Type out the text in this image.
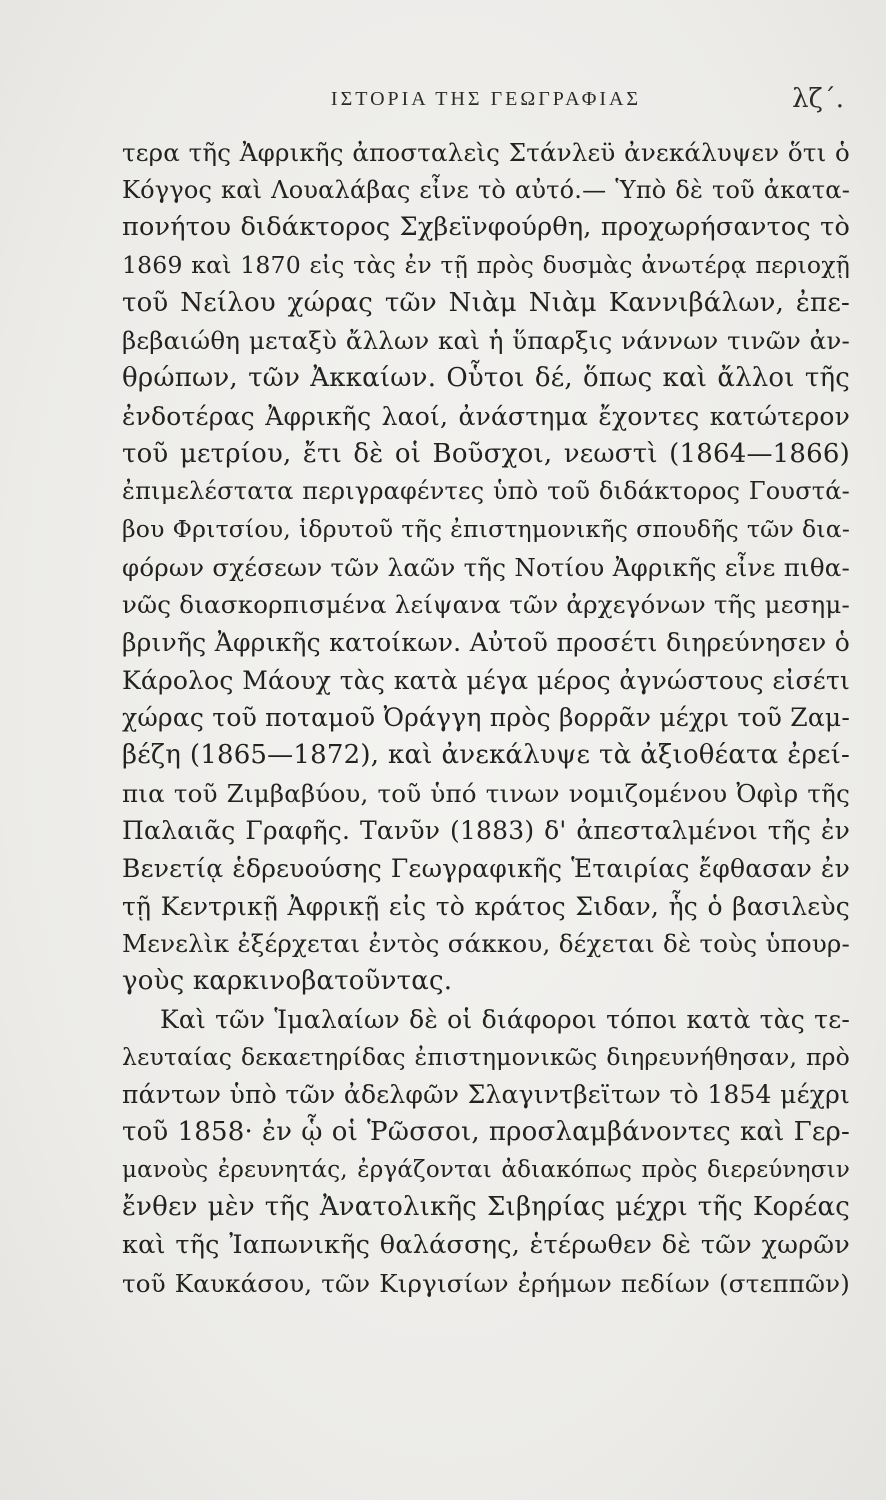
ΙΣΤΟΡΙΑ ΤΗΣ ΓΕΩΓΡΑΦΙΑΣ	λζ΄.
τερα τῆς Ἀφρικῆς ἀποσταλεὶς Στάνλεϋ ἀνεκάλυψεν ὅτι ὁ
Κόγγος καὶ Λουαλάβας εἶνε τὸ αὐτό.— Ὑπὸ δὲ τοῦ ἀκατα-
πονήτου διδάκτορος Σχβεϊνφούρθη, προχωρήσαντος τὸ
1869 καὶ 1870 εἰς τὰς ἐν τῇ πρὸς δυσμὰς ἀνωτέρᾳ περιοχῇ
τοῦ Νείλου χώρας τῶν Νιὰμ Νιὰμ Καννιβάλων, ἐπε-
βεβαιώθη μεταξὺ ἄλλων καὶ ἡ ὕπαρξις νάννων τινῶν ἀν-
θρώπων, τῶν Ἀκκαίων. Οὗτοι δέ, ὅπως καὶ ἄλλοι τῆς
ἐνδοτέρας Ἀφρικῆς λαοί, ἀνάστημα ἔχοντες κατώτερον
τοῦ μετρίου, ἔτι δὲ οἱ Βοῦσχοι, νεωστὶ (1864—1866)
ἐπιμελέστατα περιγραφέντες ὑπὸ τοῦ διδάκτορος Γουστά-
βου Φριτσίου, ἱδρυτοῦ τῆς ἐπιστημονικῆς σπουδῆς τῶν δια-
φόρων σχέσεων τῶν λαῶν τῆς Νοτίου Ἀφρικῆς εἶνε πιθα-
νῶς διασκορπισμένα λείψανα τῶν ἀρχεγόνων τῆς μεσημ-
βρινῆς Ἀφρικῆς κατοίκων. Αὐτοῦ προσέτι διηρεύνησεν ὁ
Κάρολος Μάουχ τὰς κατὰ μέγα μέρος ἀγνώστους εἰσέτι
χώρας τοῦ ποταμοῦ Ὀράγγη πρὸς βορρᾶν μέχρι τοῦ Ζαμ-
βέζη (1865—1872), καὶ ἀνεκάλυψε τὰ ἀξιοθέατα ἐρεί-
πια τοῦ Ζιμβαβύου, τοῦ ὑπό τινων νομιζομένου Ὀφὶρ τῆς
Παλαιᾶς Γραφῆς. Τανῦν (1883) δ' ἀπεσταλμένοι τῆς ἐν
Βενετίᾳ ἑδρευούσης Γεωγραφικῆς Ἑταιρίας ἔφθασαν ἐν
τῇ Κεντρικῇ Ἀφρικῇ εἰς τὸ κράτος Σιδαν, ἧς ὁ βασιλεὺς
Μενελὶκ ἐξέρχεται ἐντὸς σάκκου, δέχεται δὲ τοὺς ὑπουρ-
γοὺς καρκινοβατοῦντας.
Καὶ τῶν Ἱμαλαίων δὲ οἱ διάφοροι τόποι κατὰ τὰς τε-
λευταίας δεκαετηρίδας ἐπιστημονικῶς διηρευνήθησαν, πρὸ
πάντων ὑπὸ τῶν ἀδελφῶν Σλαγιντβεϊτων τὸ 1854 μέχρι
τοῦ 1858· ἐν ᾧ οἱ Ῥῶσσοι, προσλαμβάνοντες καὶ Γερ-
μανοὺς ἐρευνητάς, ἐργάζονται ἀδιακόπως πρὸς διερεύνησιν
ἔνθεν μὲν τῆς Ἀνατολικῆς Σιβηρίας μέχρι τῆς Κορέας
καὶ τῆς Ἰαπωνικῆς θαλάσσης, ἑτέρωθεν δὲ τῶν χωρῶν
τοῦ Καυκάσου, τῶν Κιργισίων ἐρήμων πεδίων (στεππῶν)
